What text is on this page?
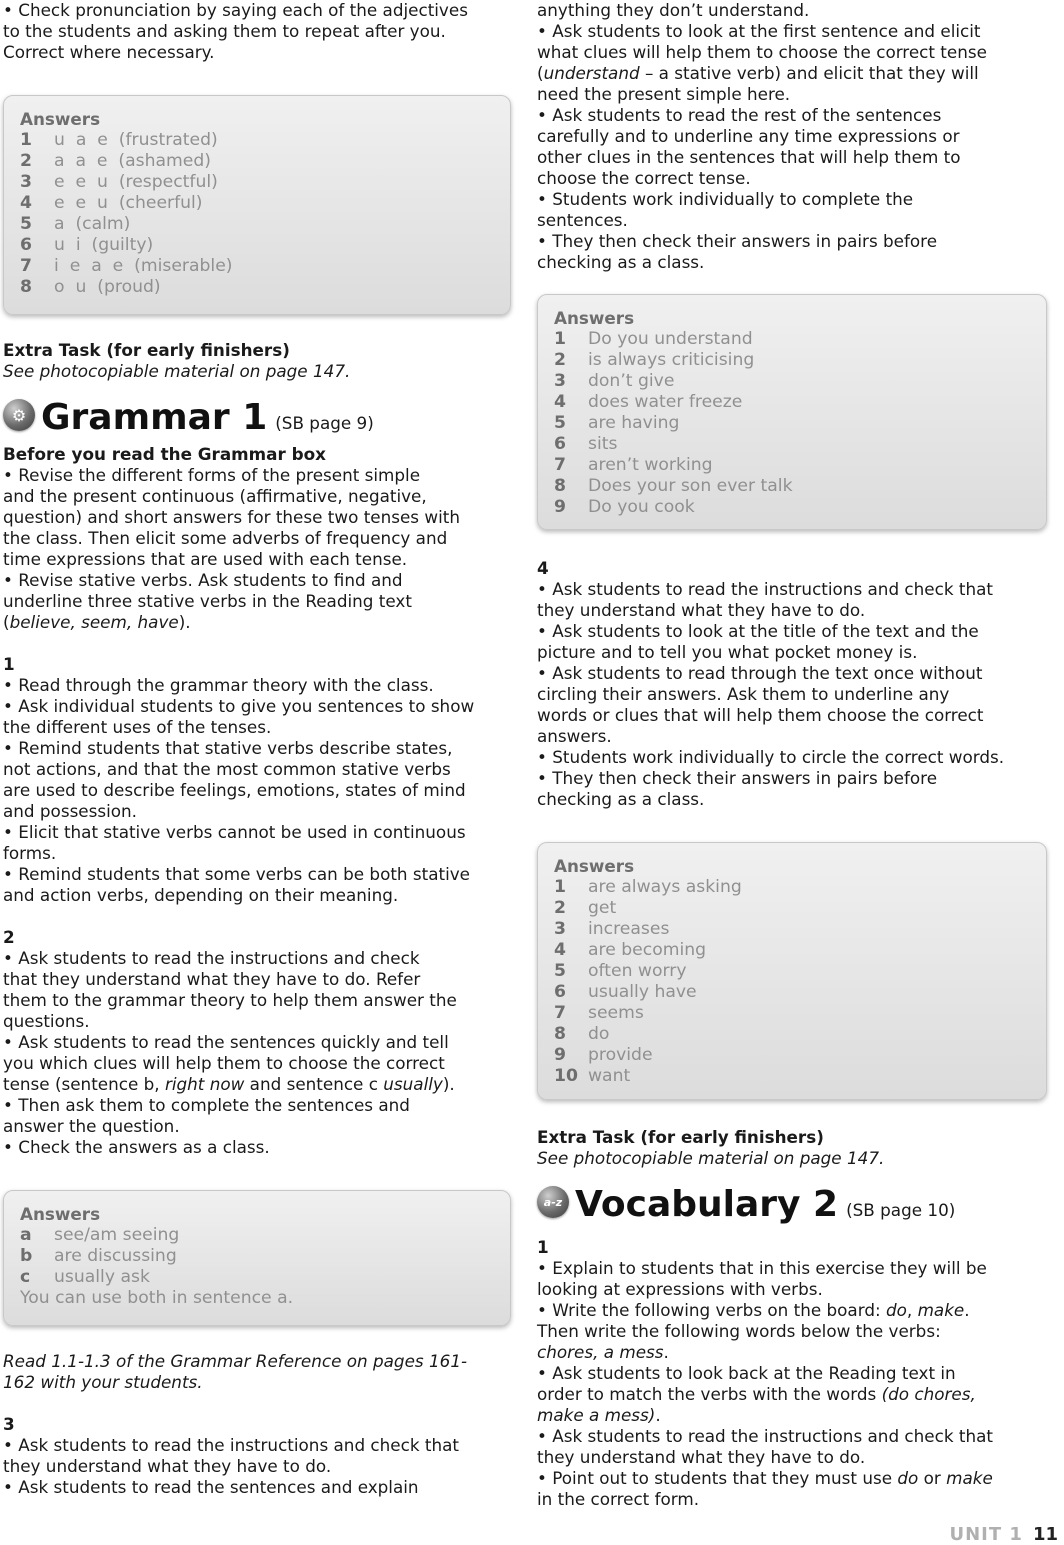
• Check pronunciation by saying each of the adjectives

to the students and asking them to repeat after you.

Correct where necessary.

Answers
1	u  a  e  (frustrated)
2	a  a  e  (ashamed)
3	e  e  u  (respectful)
4	e  e  u  (cheerful)
5	a  (calm)
6	u  i  (guilty)
7	i  e  a  e  (miserable)
8	o  u  (proud)

Extra Task (for early finishers)

See photocopiable material on page 147.

⚙ Grammar 1 (SB page 9)

Before you read the Grammar box

• Revise the different forms of the present simple

and the present continuous (affirmative, negative,

question) and short answers for these two tenses with

the class. Then elicit some adverbs of frequency and

time expressions that are used with each tense.

• Revise stative verbs. Ask students to find and

underline three stative verbs in the Reading text

(believe, seem, have).

1

• Read through the grammar theory with the class.

• Ask individual students to give you sentences to show

the different uses of the tenses.

• Remind students that stative verbs describe states,

not actions, and that the most common stative verbs

are used to describe feelings, emotions, states of mind

and possession.

• Elicit that stative verbs cannot be used in continuous

forms.

• Remind students that some verbs can be both stative

and action verbs, depending on their meaning.

2

• Ask students to read the instructions and check

that they understand what they have to do. Refer

them to the grammar theory to help them answer the

questions.

• Ask students to read the sentences quickly and tell

you which clues will help them to choose the correct

tense (sentence b, right now and sentence c usually).

• Then ask them to complete the sentences and

answer the question.

• Check the answers as a class.

Answers
a	see/am seeing
b	are discussing
c	usually ask
You can use both in sentence a.

Read 1.1-1.3 of the Grammar Reference on pages 161-

162 with your students.

3

• Ask students to read the instructions and check that

they understand what they have to do.

• Ask students to read the sentences and explain

anything they don’t understand.

• Ask students to look at the first sentence and elicit

what clues will help them to choose the correct tense

(understand – a stative verb) and elicit that they will

need the present simple here.

• Ask students to read the rest of the sentences

carefully and to underline any time expressions or

other clues in the sentences that will help them to

choose the correct tense.

• Students work individually to complete the

sentences.

• They then check their answers in pairs before

checking as a class.

Answers
1	Do you understand
2	is always criticising
3	don’t give
4	does water freeze
5	are having
6	sits
7	aren’t working
8	Does your son ever talk
9	Do you cook

4

• Ask students to read the instructions and check that

they understand what they have to do.

• Ask students to look at the title of the text and the

picture and to tell you what pocket money is.

• Ask students to read through the text once without

circling their answers. Ask them to underline any

words or clues that will help them choose the correct

answers.

• Students work individually to circle the correct words.

• They then check their answers in pairs before

checking as a class.

Answers
1	are always asking
2	get
3	increases
4	are becoming
5	often worry
6	usually have
7	seems
8	do
9	provide
10 want

Extra Task (for early finishers)

See photocopiable material on page 147.

a-z Vocabulary 2 (SB page 10)

1

• Explain to students that in this exercise they will be

looking at expressions with verbs.

• Write the following verbs on the board: do, make.

Then write the following words below the verbs:

chores, a mess.

• Ask students to look back at the Reading text in

order to match the verbs with the words (do chores,

make a mess).

• Ask students to read the instructions and check that

they understand what they have to do.

• Point out to students that they must use do or make

in the correct form.

UNIT 1 11
